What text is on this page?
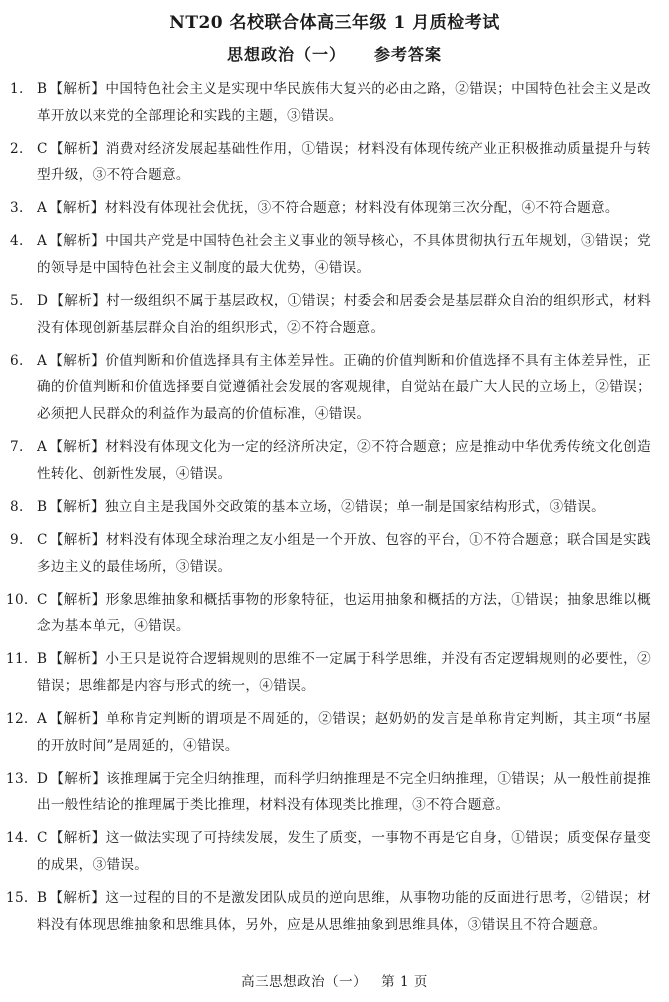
NT20 名校联合体高三年级 1 月质检考试
思想政治（一） 参考答案
1. B 【解析】中国特色社会主义是实现中华民族伟大复兴的必由之路，②错误；中国特色社会主义是改革开放以来党的全部理论和实践的主题，③错误。
2. C 【解析】消费对经济发展起基础性作用，①错误；材料没有体现传统产业正积极推动质量提升与转型升级，③不符合题意。
3. A 【解析】材料没有体现社会优抚，③不符合题意；材料没有体现第三次分配，④不符合题意。
4. A 【解析】中国共产党是中国特色社会主义事业的领导核心，不具体贯彻执行五年规划，③错误；党的领导是中国特色社会主义制度的最大优势，④错误。
5. D 【解析】村一级组织不属于基层政权，①错误；村委会和居委会是基层群众自治的组织形式，材料没有体现创新基层群众自治的组织形式，②不符合题意。
6. A 【解析】价值判断和价值选择具有主体差异性。正确的价值判断和价值选择不具有主体差异性，正确的价值判断和价值选择要自觉遵循社会发展的客观规律，自觉站在最广大人民的立场上，②错误；必须把人民群众的利益作为最高的价值标准，④错误。
7. A 【解析】材料没有体现文化为一定的经济所决定，②不符合题意；应是推动中华优秀传统文化创造性转化、创新性发展，④错误。
8. B 【解析】独立自主是我国外交政策的基本立场，②错误；单一制是国家结构形式，③错误。
9. C 【解析】材料没有体现全球治理之友小组是一个开放、包容的平台，①不符合题意；联合国是实践多边主义的最佳场所，③错误。
10. C 【解析】形象思维抽象和概括事物的形象特征，也运用抽象和概括的方法，①错误；抽象思维以概念为基本单元，④错误。
11. B 【解析】小王只是说符合逻辑规则的思维不一定属于科学思维，并没有否定逻辑规则的必要性，②错误；思维都是内容与形式的统一，④错误。
12. A 【解析】单称肯定判断的谓项是不周延的，②错误；赵奶奶的发言是单称肯定判断，其主项“书屋的开放时间”是周延的，④错误。
13. D 【解析】该推理属于完全归纳推理，而科学归纳推理是不完全归纳推理，①错误；从一般性前提推出一般性结论的推理属于类比推理，材料没有体现类比推理，③不符合题意。
14. C 【解析】这一做法实现了可持续发展，发生了质变，一事物不再是它自身，①错误；质变保存量变的成果，③错误。
15. B 【解析】这一过程的目的不是激发团队成员的逆向思维，从事物功能的反面进行思考，②错误；材料没有体现思维抽象和思维具体，另外，应是从思维抽象到思维具体，③错误且不符合题意。
高三思想政治（一） 第 1 页
